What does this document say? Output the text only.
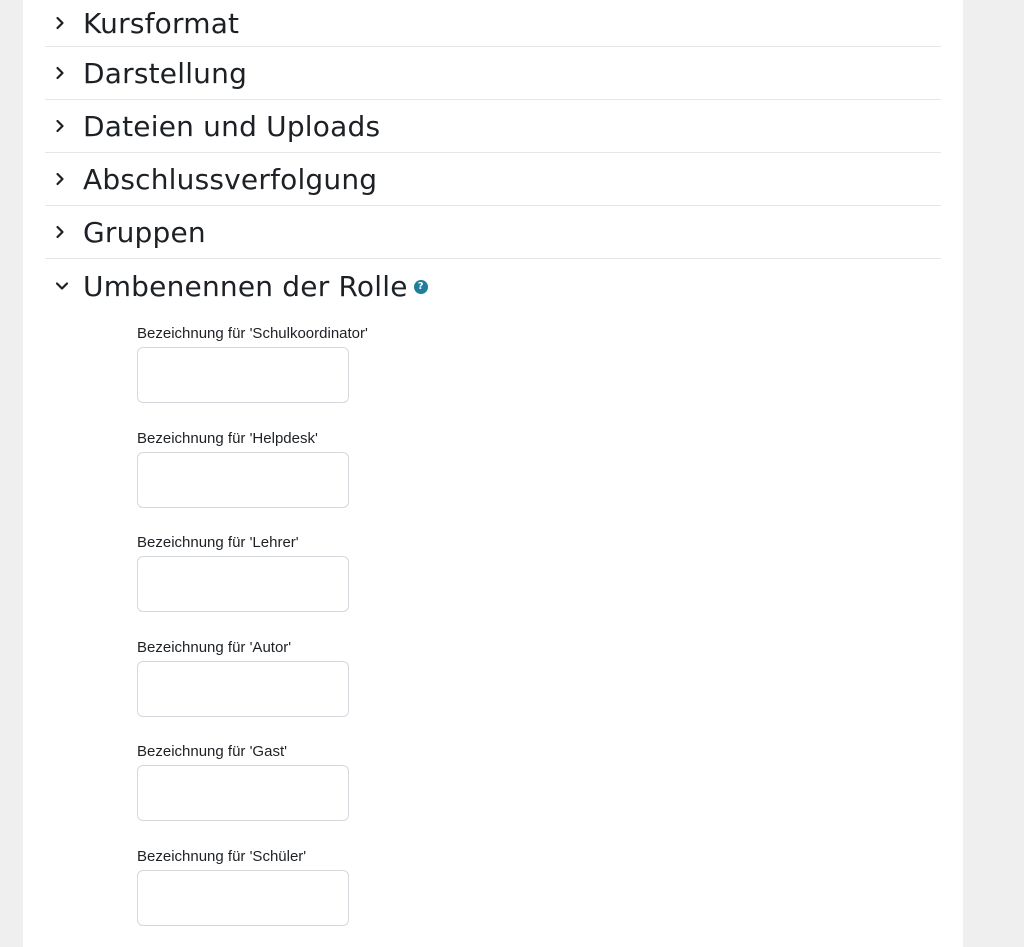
Kursformat
Darstellung
Dateien und Uploads
Abschlussverfolgung
Gruppen
Umbenennen der Rolle	?
Bezeichnung für 'Schulkoordinator'
Bezeichnung für 'Helpdesk'
Bezeichnung für 'Lehrer'
Bezeichnung für 'Autor'
Bezeichnung für 'Gast'
Bezeichnung für 'Schüler'
